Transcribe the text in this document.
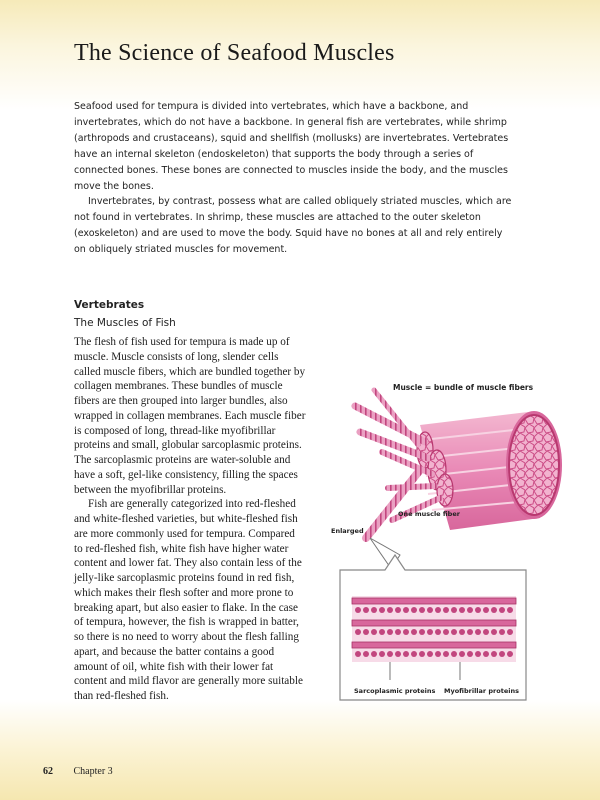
The Science of Seafood Muscles

Seafood used for tempura is divided into vertebrates, which have a backbone, and invertebrates, which do not have a backbone. In general fish are vertebrates, while shrimp (arthropods and crustaceans), squid and shellfish (mollusks) are invertebrates. Vertebrates have an internal skeleton (endoskeleton) that supports the body through a series of connected bones. These bones are connected to muscles inside the body, and the muscles move the bones.

Invertebrates, by contrast, possess what are called obliquely striated muscles, which are not found in vertebrates. In shrimp, these muscles are attached to the outer skeleton (exoskeleton) and are used to move the body. Squid have no bones at all and rely entirely on obliquely striated muscles for movement.

Vertebrates
The Muscles of Fish

The flesh of fish used for tempura is made up of muscle. Muscle consists of long, slender cells called muscle fibers, which are bundled together by collagen membranes. These bundles of muscle fibers are then grouped into larger bundles, also wrapped in collagen membranes. Each muscle fiber is composed of long, thread-like myofibrillar proteins and small, globular sarcoplasmic proteins. The sarcoplasmic proteins are water-soluble and have a soft, gel-like consistency, filling the spaces between the myofibrillar proteins.

Fish are generally categorized into red-fleshed and white-fleshed varieties, but white-fleshed fish are more commonly used for tempura. Compared to red-fleshed fish, white fish have higher water content and lower fat. They also contain less of the jelly-like sarcoplasmic proteins found in red fish, which makes their flesh softer and more prone to breaking apart, but also easier to flake. In the case of tempura, however, the fish is wrapped in batter, so there is no need to worry about the flesh falling apart, and because the batter contains a good amount of oil, white fish with their lower fat content and mild flavor are generally more suitable than red-fleshed fish.

Muscle = bundle of muscle fibers
One muscle fiber
Enlarged
Sarcoplasmic proteins Myofibrillar proteins
62 Chapter 3
